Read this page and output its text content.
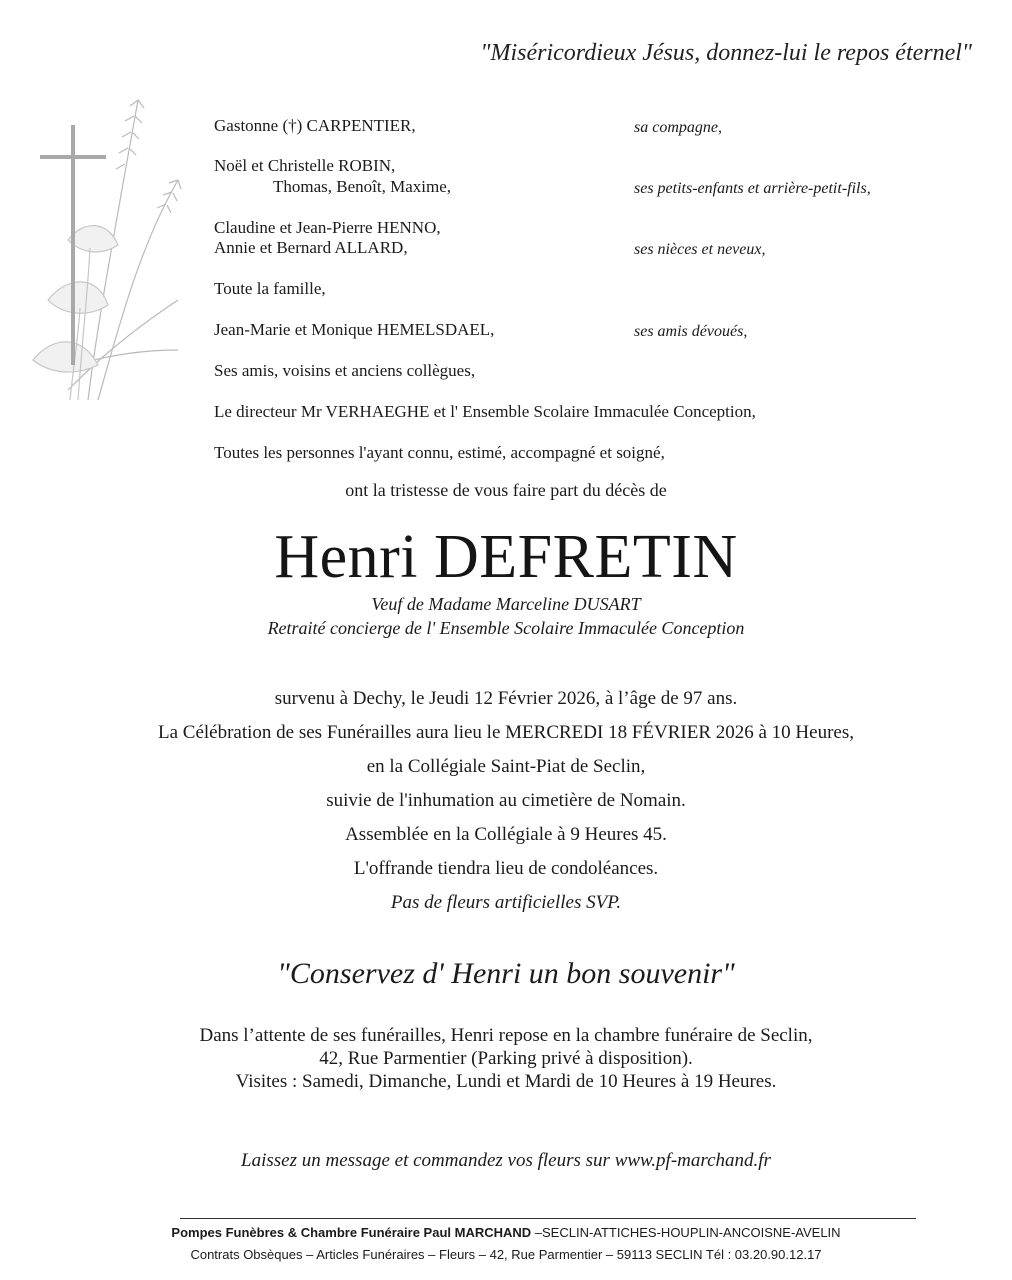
"Miséricordieux Jésus, donnez-lui le repos éternel"
Gastonne (†) CARPENTIER,	sa compagne,
Noël et Christelle ROBIN,
Thomas, Benoît, Maxime,	ses petits-enfants et arrière-petit-fils,
Claudine et Jean-Pierre HENNO,
Annie et Bernard ALLARD,	ses nièces et neveux,
Toute la famille,
Jean-Marie et Monique HEMELSDAEL,	ses amis dévoués,
Ses amis, voisins et anciens collègues,
Le directeur Mr VERHAEGHE et l' Ensemble Scolaire Immaculée Conception,
Toutes les personnes l'ayant connu, estimé, accompagné et soigné,
ont la tristesse de vous faire part du décès de
Henri DEFRETIN
Veuf de Madame Marceline DUSART
Retraité concierge de l' Ensemble Scolaire Immaculée Conception
survenu à Dechy, le Jeudi 12 Février 2026, à l’âge de 97 ans.
La Célébration de ses Funérailles aura lieu le MERCREDI 18 FÉVRIER 2026 à 10 Heures,
en la Collégiale Saint-Piat de Seclin,
suivie de l'inhumation au cimetière de Nomain.
Assemblée en la Collégiale à 9 Heures 45.
L'offrande tiendra lieu de condoléances.
Pas de fleurs artificielles SVP.
"Conservez d' Henri un bon souvenir"
Dans l’attente de ses funérailles, Henri repose en la chambre funéraire de Seclin,
42, Rue Parmentier (Parking privé à disposition).
Visites : Samedi, Dimanche, Lundi et Mardi de 10 Heures à 19 Heures.
Laissez un message et commandez vos fleurs sur www.pf-marchand.fr
Pompes Funèbres & Chambre Funéraire Paul MARCHAND –SECLIN-ATTICHES-HOUPLIN-ANCOISNE-AVELIN
Contrats Obsèques – Articles Funéraires – Fleurs – 42, Rue Parmentier – 59113 SECLIN Tél : 03.20.90.12.17
